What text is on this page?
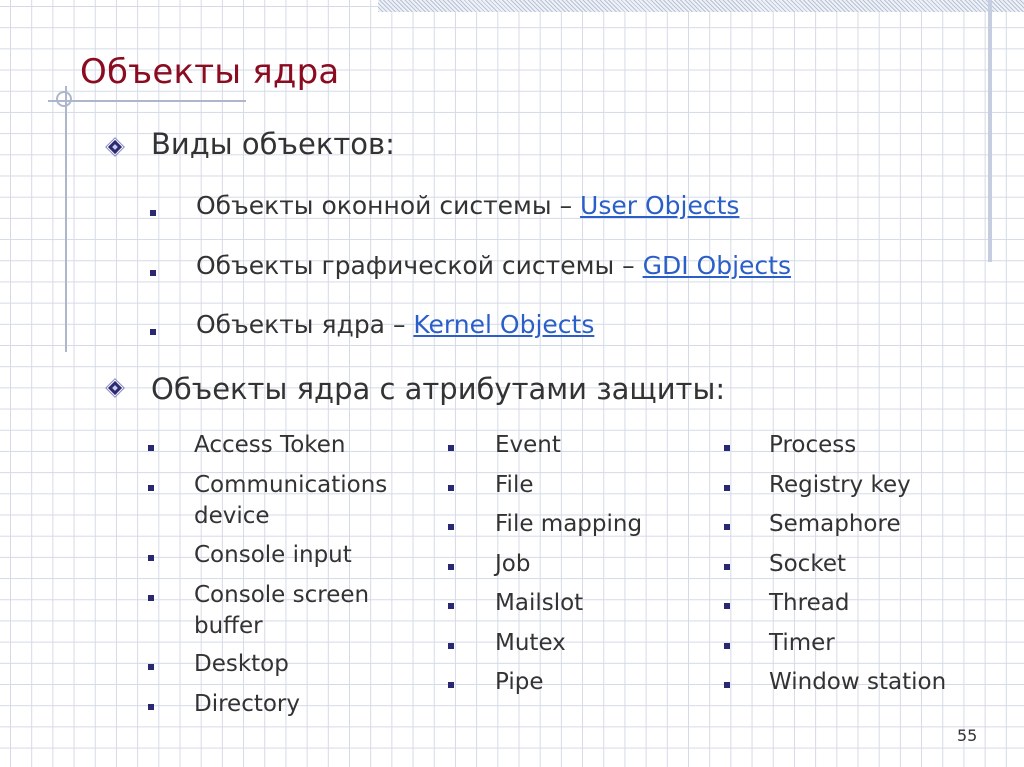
Объекты ядра
Виды объектов:
Объекты оконной системы – User Objects
Объекты графической системы – GDI Objects
Объекты ядра – Kernel Objects
Объекты ядра с атрибутами защиты:
Access Token
Communications device
Console input
Console screen buffer
Desktop
Directory
Event
File
File mapping
Job
Mailslot
Mutex
Pipe
Process
Registry key
Semaphore
Socket
Thread
Timer
Window station
55
